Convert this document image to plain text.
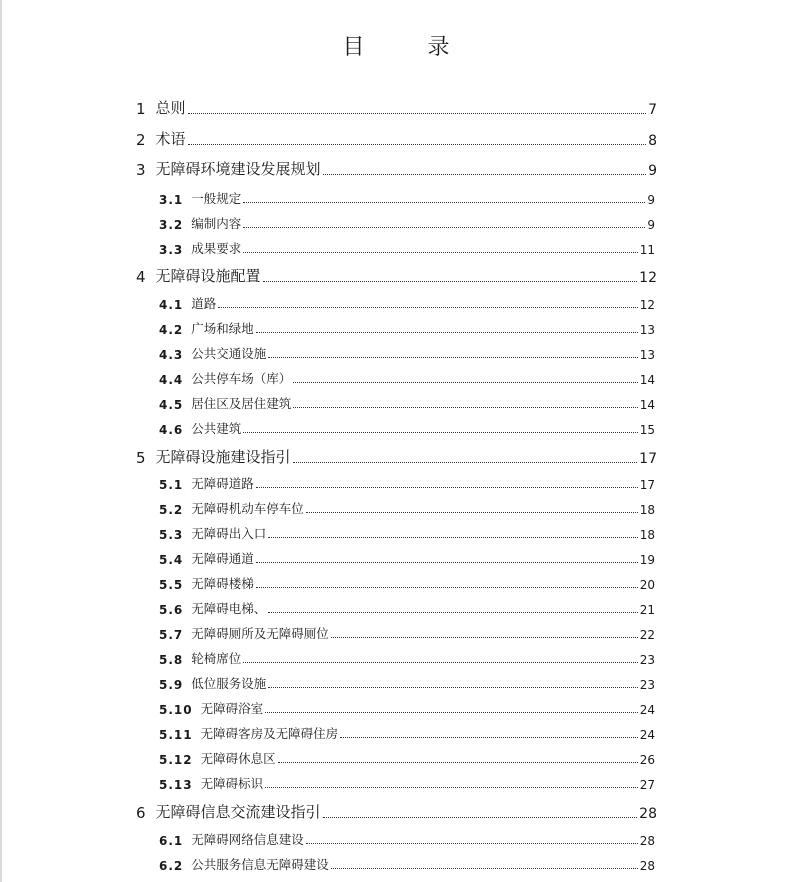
目 录
1 总则	7
2 术语	8
3 无障碍环境建设发展规划	9
3.1 一般规定	9
3.2 编制内容	9
3.3 成果要求	11
4 无障碍设施配置	12
4.1 道路	12
4.2 广场和绿地	13
4.3 公共交通设施	13
4.4 公共停车场（库）	14
4.5 居住区及居住建筑	14
4.6 公共建筑	15
5 无障碍设施建设指引	17
5.1 无障碍道路	17
5.2 无障碍机动车停车位	18
5.3 无障碍出入口	18
5.4 无障碍通道	19
5.5 无障碍楼梯	20
5.6 无障碍电梯、	21
5.7 无障碍厕所及无障碍厕位	22
5.8 轮椅席位	23
5.9 低位服务设施	23
5.10 无障碍浴室	24
5.11 无障碍客房及无障碍住房	24
5.12 无障碍休息区	26
5.13 无障碍标识	27
6 无障碍信息交流建设指引	28
6.1 无障碍网络信息建设	28
6.2 公共服务信息无障碍建设	28
